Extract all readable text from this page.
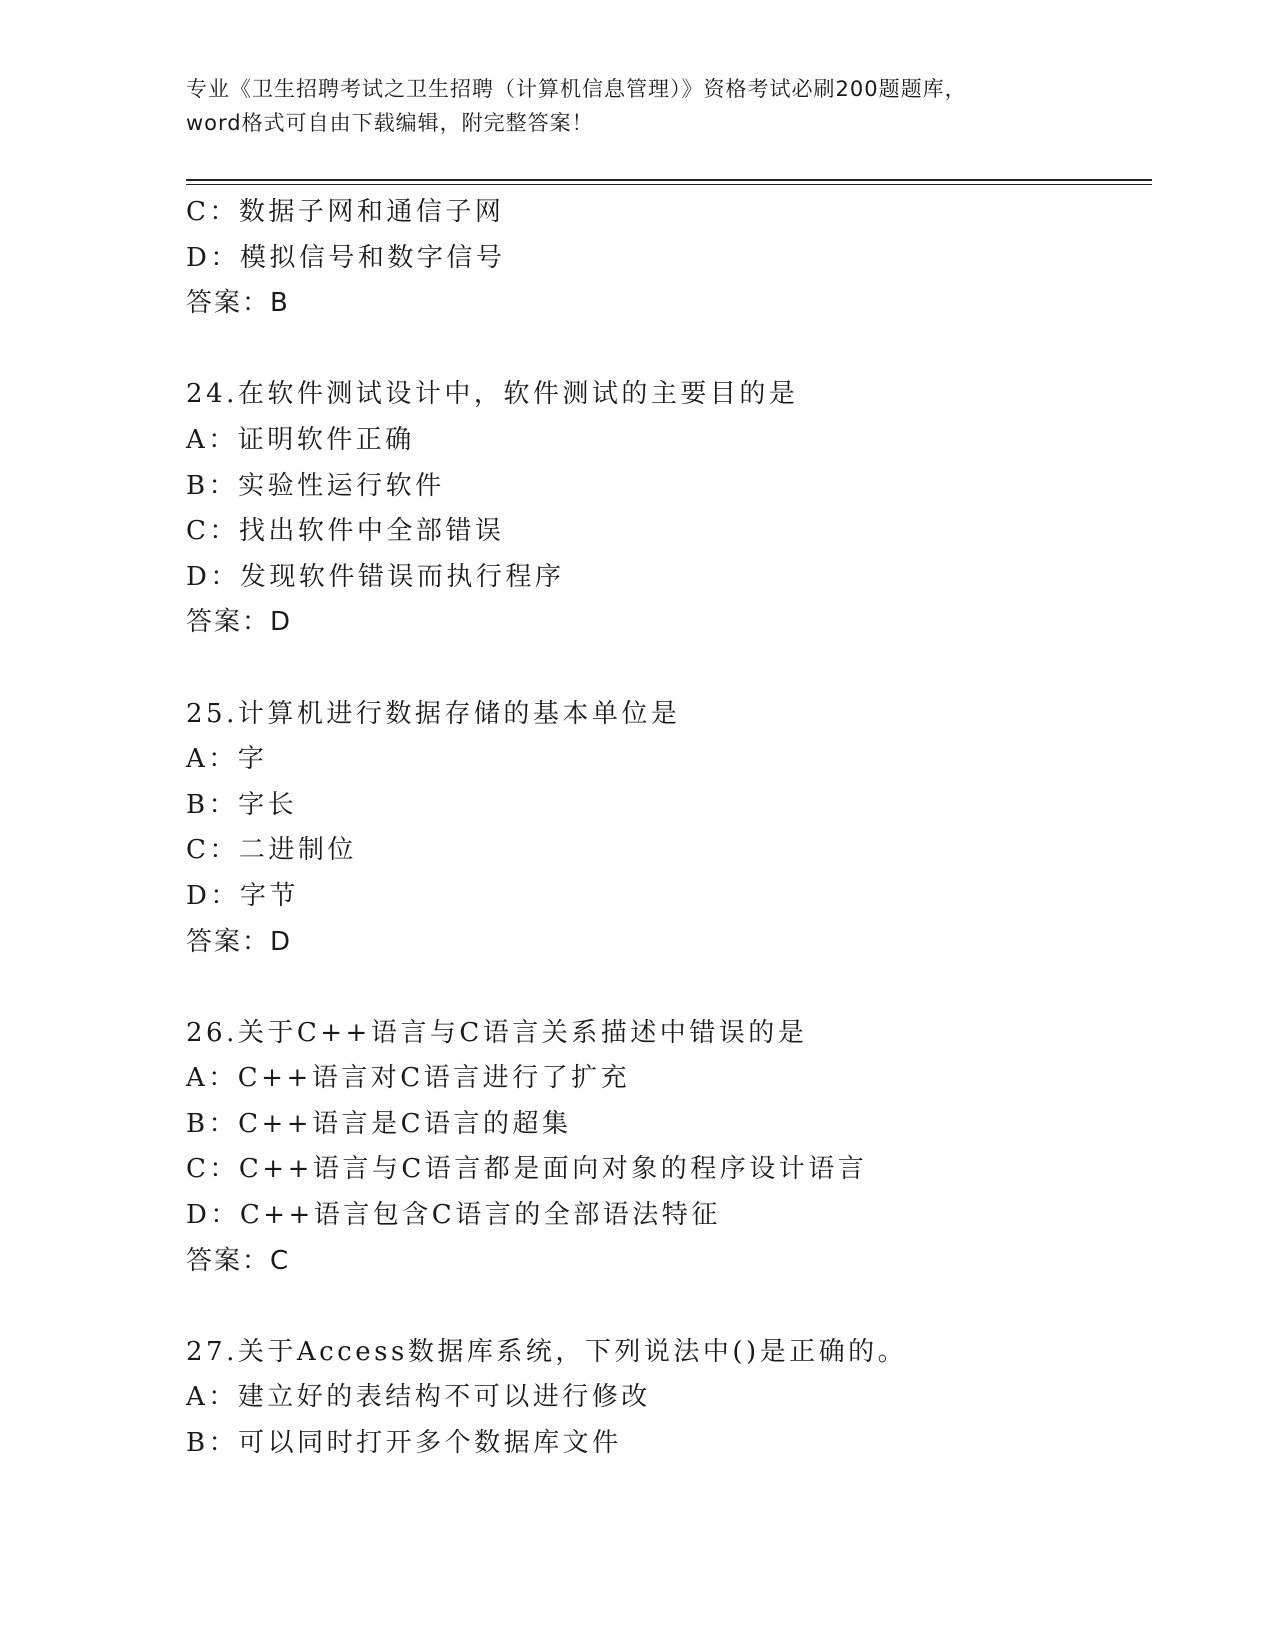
专业《卫生招聘考试之卫生招聘（计算机信息管理）》资格考试必刷200题题库，
word格式可自由下载编辑，附完整答案！
C：数据子网和通信子网
D：模拟信号和数字信号
答案：B
24.在软件测试设计中，软件测试的主要目的是
A：证明软件正确
B：实验性运行软件
C：找出软件中全部错误
D：发现软件错误而执行程序
答案：D
25.计算机进行数据存储的基本单位是
A：字
B：字长
C：二进制位
D：字节
答案：D
26.关于C++语言与C语言关系描述中错误的是
A：C++语言对C语言进行了扩充
B：C++语言是C语言的超集
C：C++语言与C语言都是面向对象的程序设计语言
D：C++语言包含C语言的全部语法特征
答案：C
27.关于Access数据库系统，下列说法中()是正确的。
A：建立好的表结构不可以进行修改
B：可以同时打开多个数据库文件
